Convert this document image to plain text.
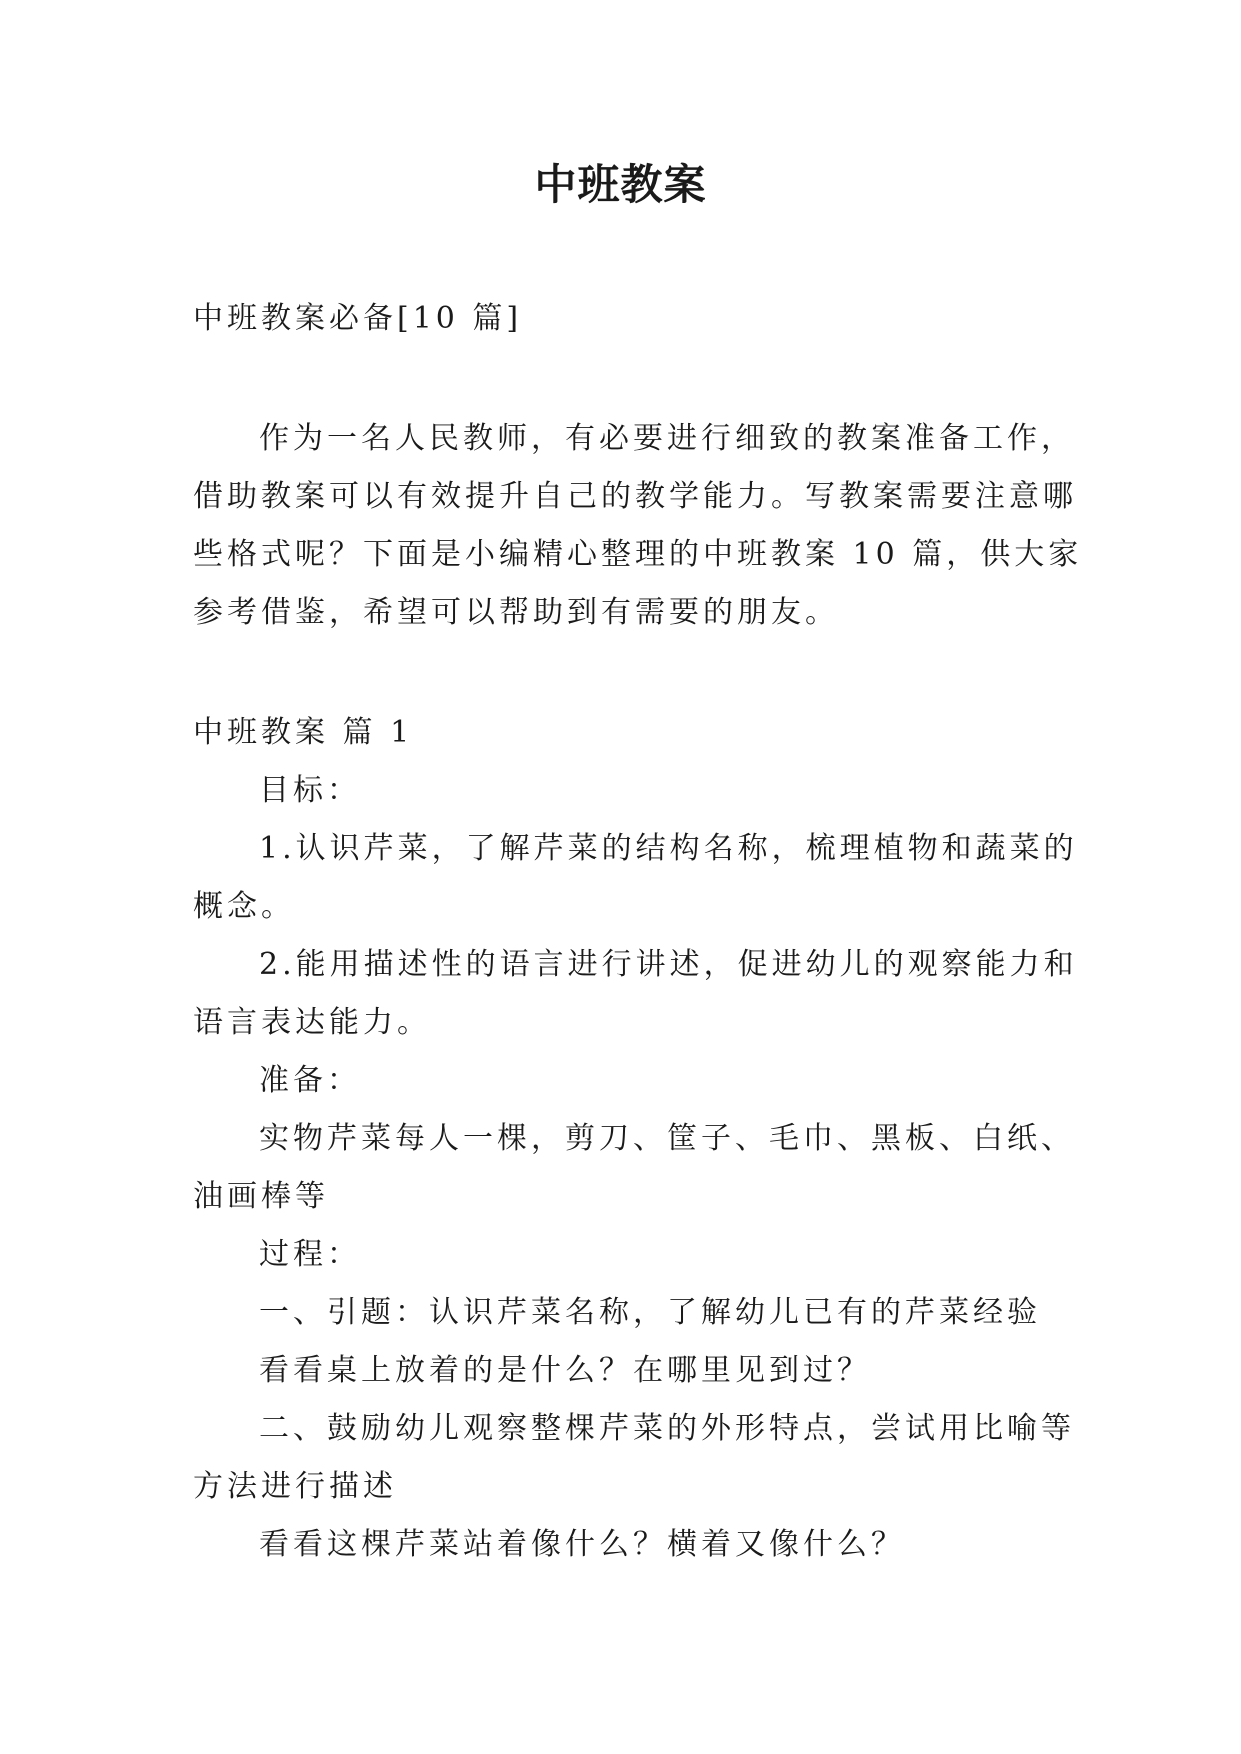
中班教案
中班教案必备[10 篇]
作为一名人民教师，有必要进行细致的教案准备工作，
借助教案可以有效提升自己的教学能力。写教案需要注意哪
些格式呢？下面是小编精心整理的中班教案 10 篇，供大家
参考借鉴，希望可以帮助到有需要的朋友。
中班教案 篇 1
目标：
1.认识芹菜，了解芹菜的结构名称，梳理植物和蔬菜的
概念。
2.能用描述性的语言进行讲述，促进幼儿的观察能力和
语言表达能力。
准备：
实物芹菜每人一棵，剪刀、筐子、毛巾、黑板、白纸、
油画棒等
过程：
一、引题：认识芹菜名称，了解幼儿已有的芹菜经验
看看桌上放着的是什么？在哪里见到过？
二、鼓励幼儿观察整棵芹菜的外形特点，尝试用比喻等
方法进行描述
看看这棵芹菜站着像什么？横着又像什么？
